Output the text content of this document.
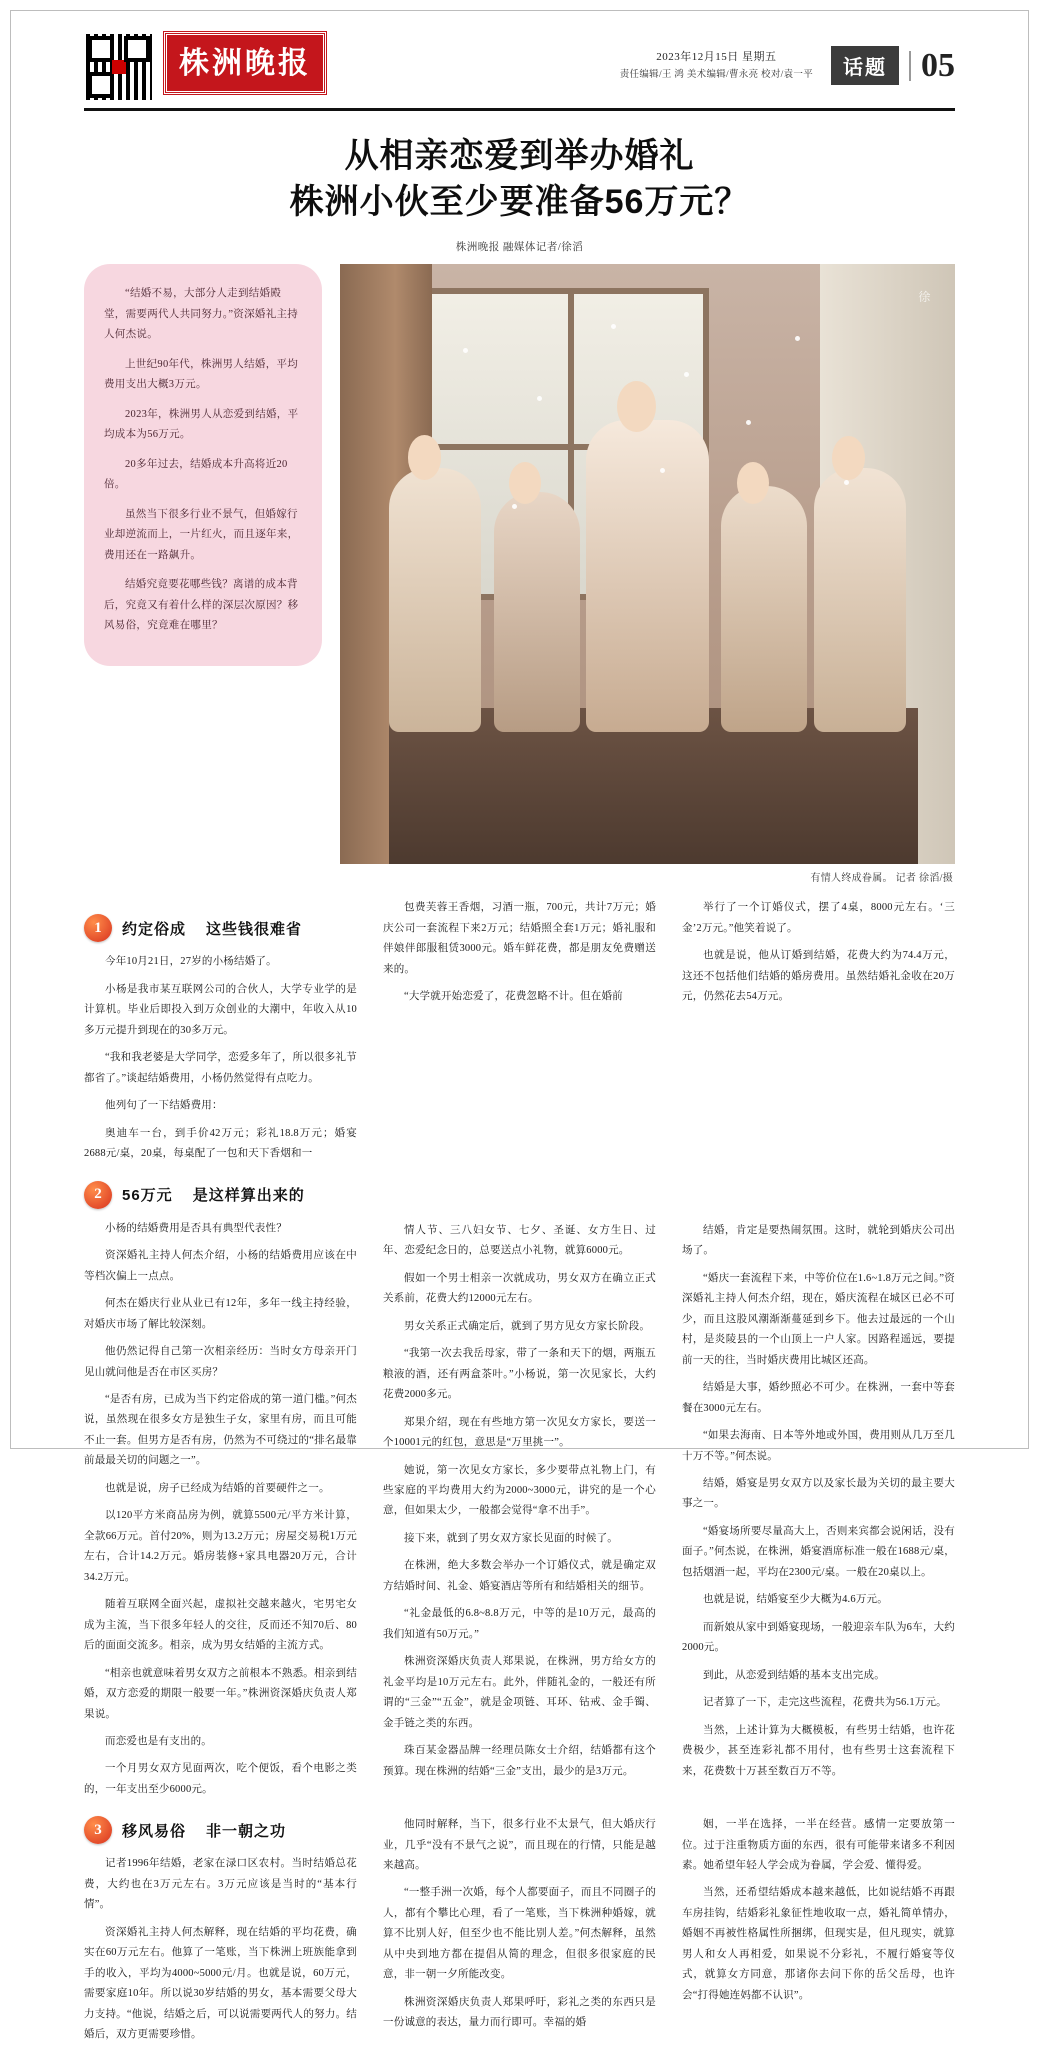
株洲晚报	2023年12月15日 星期五
责任编辑/王 鸿 美术编辑/曹永亮 校对/袁一平	话题	05
从相亲恋爱到举办婚礼
株洲小伙至少要准备56万元？
株洲晚报 融媒体记者/徐滔

“结婚不易，大部分人走到结婚殿堂，需要两代人共同努力。”资深婚礼主持人何杰说。

上世纪90年代，株洲男人结婚，平均费用支出大概3万元。

2023年，株洲男人从恋爱到结婚，平均成本为56万元。

20多年过去，结婚成本升高将近20倍。

虽然当下很多行业不景气，但婚嫁行业却逆流而上，一片红火，而且逐年来，费用还在一路飙升。

结婚究竟要花哪些钱？离谱的成本背后，究竟又有着什么样的深层次原因？移风易俗，究竟难在哪里？

徐
有情人终成眷属。 记者 徐滔/摄
1	约定俗成 这些钱很难省

今年10月21日，27岁的小杨结婚了。

小杨是我市某互联网公司的合伙人，大学专业学的是计算机。毕业后即投入到万众创业的大潮中，年收入从10多万元提升到现在的30多万元。

“我和我老婆是大学同学，恋爱多年了，所以很多礼节都省了。”谈起结婚费用，小杨仍然觉得有点吃力。

他列句了一下结婚费用：

奥迪车一台，到手价42万元；彩礼18.8万元；婚宴2688元/桌，20桌，每桌配了一包和天下香烟和一

2	56万元 是这样算出来的

小杨的结婚费用是否具有典型代表性？

资深婚礼主持人何杰介绍，小杨的结婚费用应该在中等档次偏上一点点。

何杰在婚庆行业从业已有12年，多年一线主持经验，对婚庆市场了解比较深刻。

他仍然记得自己第一次相亲经历：当时女方母亲开门见山就问他是否在市区买房？

“是否有房，已成为当下约定俗成的第一道门槛。”何杰说，虽然现在很多女方是独生子女，家里有房，而且可能不止一套。但男方是否有房，仍然为不可绕过的“排名最靠前最最关切的问题之一”。

也就是说，房子已经成为结婚的首要硬件之一。

以120平方米商品房为例，就算5500元/平方米计算，全款66万元。首付20%，则为13.2万元；房屋交易税1万元左右，合计14.2万元。婚房装修+家具电器20万元，合计34.2万元。

随着互联网全面兴起，虚拟社交越来越火，宅男宅女成为主流，当下很多年轻人的交往，反而还不知70后、80后的面面交流多。相亲，成为男女结婚的主流方式。

“相亲也就意味着男女双方之前根本不熟悉。相亲到结婚，双方恋爱的期限一般要一年。”株洲资深婚庆负责人郑果说。

而恋爱也是有支出的。

一个月男女双方见面两次，吃个便饭，看个电影之类的，一年支出至少6000元。

3	移风易俗 非一朝之功

记者1996年结婚，老家在渌口区农村。当时结婚总花费，大约也在3万元左右。3万元应该是当时的“基本行情”。

资深婚礼主持人何杰解释，现在结婚的平均花费，确实在60万元左右。他算了一笔账，当下株洲上班族能拿到手的收入，平均为4000~5000元/月。也就是说，60万元，需要家庭10年。所以说30岁结婚的男女，基本需要父母大力支持。“他说，结婚之后，可以说需要两代人的努力。结婚后，双方更需要珍惜。

包费芙蓉王香烟，习酒一瓶，700元，共计7万元；婚庆公司一套流程下来2万元；结婚照全套1万元；婚礼服和伴娘伴郎服租赁3000元。婚车鲜花费，都是朋友免费赠送来的。

“大学就开始恋爱了，花费忽略不计。但在婚前

情人节、三八妇女节、七夕、圣诞、女方生日、过年、恋爱纪念日的，总要送点小礼物，就算6000元。

假如一个男士相亲一次就成功，男女双方在确立正式关系前，花费大约12000元左右。

男女关系正式确定后，就到了男方见女方家长阶段。

“我第一次去我岳母家，带了一条和天下的烟，两瓶五粮液的酒，还有两盒茶叶。”小杨说，第一次见家长，大约花费2000多元。

郑果介绍，现在有些地方第一次见女方家长，要送一个10001元的红包，意思是“万里挑一”。

她说，第一次见女方家长，多少要带点礼物上门，有些家庭的平均费用大约为2000~3000元，讲究的是一个心意，但如果太少，一般都会觉得“拿不出手”。

接下来，就到了男女双方家长见面的时候了。

在株洲，绝大多数会举办一个订婚仪式，就是确定双方结婚时间、礼金、婚宴酒店等所有和结婚相关的细节。

“礼金最低的6.8~8.8万元，中等的是10万元，最高的我们知道有50万元。”

株洲资深婚庆负责人郑果说，在株洲，男方给女方的礼金平均是10万元左右。此外，伴随礼金的，一般还有所谓的“三金”“五金”，就是金项链、耳环、钻戒、金手镯、金手链之类的东西。

珠百某金器品牌一经理员陈女士介绍，结婚都有这个预算。现在株洲的结婚“三金”支出，最少的是3万元。

他同时解释，当下，很多行业不太景气，但大婚庆行业，几乎“没有不景气之说”，而且现在的行情，只能是越来越高。

“一整手洲一次婚，每个人都要面子，而且不同圈子的人，都有个攀比心理，看了一笔账，当下株洲种婚嫁，就算不比别人好，但至少也不能比别人差。”何杰解释，虽然从中央到地方都在提倡从简的理念，但很多很家庭的民意，非一朝一夕所能改变。

株洲资深婚庆负责人郑果呼吁，彩礼之类的东西只是一份诚意的表达，量力而行即可。幸福的婚

举行了一个订婚仪式，摆了4桌，8000元左右。‘三金’2万元。”他笑着说了。

也就是说，他从订婚到结婚，花费大约为74.4万元，这还不包括他们结婚的婚房费用。虽然结婚礼金收在20万元，仍然花去54万元。

结婚，肯定是要热闹氛围。这时，就轮到婚庆公司出场了。

“婚庆一套流程下来，中等价位在1.6~1.8万元之间。”资深婚礼主持人何杰介绍，现在，婚庆流程在城区已必不可少，而且这股风潮渐渐蔓延到乡下。他去过最远的一个山村，是炎陵县的一个山顶上一户人家。因路程遥远，要提前一天的往，当时婚庆费用比城区还高。

结婚是大事，婚纱照必不可少。在株洲，一套中等套餐在3000元左右。

“如果去海南、日本等外地或外国，费用则从几万至几十万不等。”何杰说。

结婚，婚宴是男女双方以及家长最为关切的最主要大事之一。

“婚宴场所要尽量高大上，否则来宾都会说闲话，没有面子。”何杰说，在株洲，婚宴酒席标准一般在1688元/桌，包括烟酒一起，平均在2300元/桌。一般在20桌以上。

也就是说，结婚宴至少大概为4.6万元。

而新娘从家中到婚宴现场，一般迎亲车队为6车，大约2000元。

到此，从恋爱到结婚的基本支出完成。

记者算了一下，走完这些流程，花费共为56.1万元。

当然，上述计算为大概模板，有些男士结婚，也许花费极少，甚至连彩礼都不用付，也有些男士这套流程下来，花费数十万甚至数百万不等。

姻，一半在选择，一半在经营。感情一定要放第一位。过于注重物质方面的东西，很有可能带来诸多不利因素。她希望年轻人学会成为眷属，学会爱、懂得爱。

当然，还希望结婚成本越来越低，比如说结婚不再跟车房挂钩，结婚彩礼象征性地收取一点，婚礼简单情办，婚姻不再被性格属性所捆绑，但现实是，但凡现实，就算男人和女人再相爱，如果说不分彩礼，不履行婚宴等仪式，就算女方同意，那诸你去问下你的岳父岳母，也许会“打得她连妈都不认识”。
